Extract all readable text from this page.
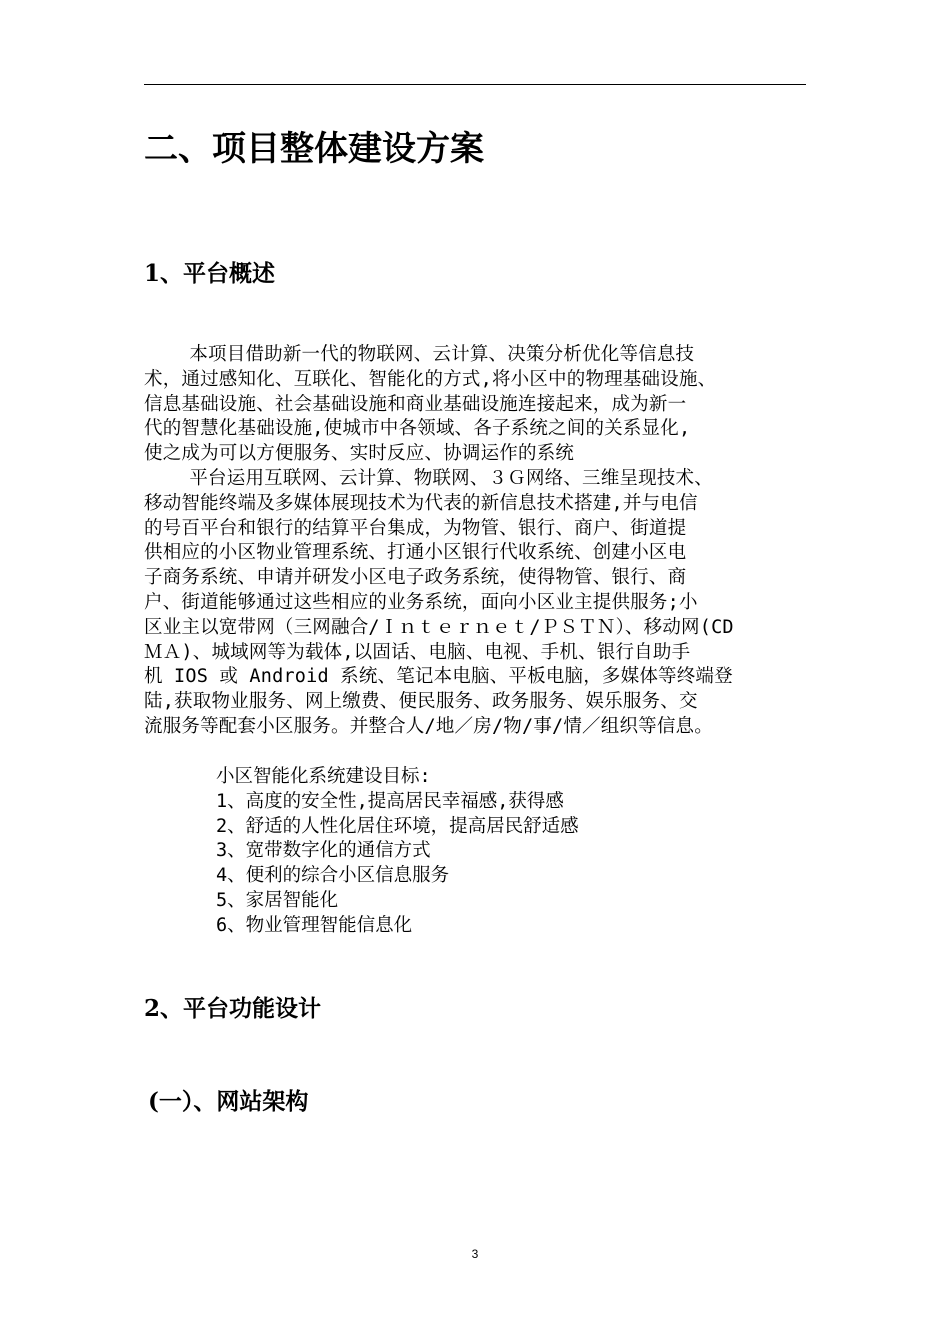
二、项目整体建设方案
1、平台概述
本项目借助新一代的物联网、云计算、决策分析优化等信息技
术，通过感知化、互联化、智能化的方式,将小区中的物理基础设施、
信息基础设施、社会基础设施和商业基础设施连接起来，成为新一
代的智慧化基础设施,使城市中各领域、各子系统之间的关系显化,
使之成为可以方便服务、实时反应、协调运作的系统
平台运用互联网、云计算、物联网、３Ｇ网络、三维呈现技术、
移动智能终端及多媒体展现技术为代表的新信息技术搭建,并与电信
的号百平台和银行的结算平台集成，为物管、银行、商户、街道提
供相应的小区物业管理系统、打通小区银行代收系统、创建小区电
子商务系统、申请并研发小区电子政务系统，使得物管、银行、商
户、街道能够通过这些相应的业务系统，面向小区业主提供服务;小
区业主以宽带网（三网融合/Ｉｎｔｅｒｎｅｔ/ＰＳＴＮ）、移动网(CD
ＭＡ)、城域网等为载体,以固话、电脑、电视、手机、银行自助手
机 IOS 或 Android 系统、笔记本电脑、平板电脑，多媒体等终端登
陆,获取物业服务、网上缴费、便民服务、政务服务、娱乐服务、交
流服务等配套小区服务。并整合人/地／房/物/事/情／组织等信息。
小区智能化系统建设目标:
1、高度的安全性,提高居民幸福感,获得感
2、舒适的人性化居住环境，提高居民舒适感
3、宽带数字化的通信方式
4、便利的综合小区信息服务
5、家居智能化
6、物业管理智能信息化
2、平台功能设计
(一）、网站架构
3
